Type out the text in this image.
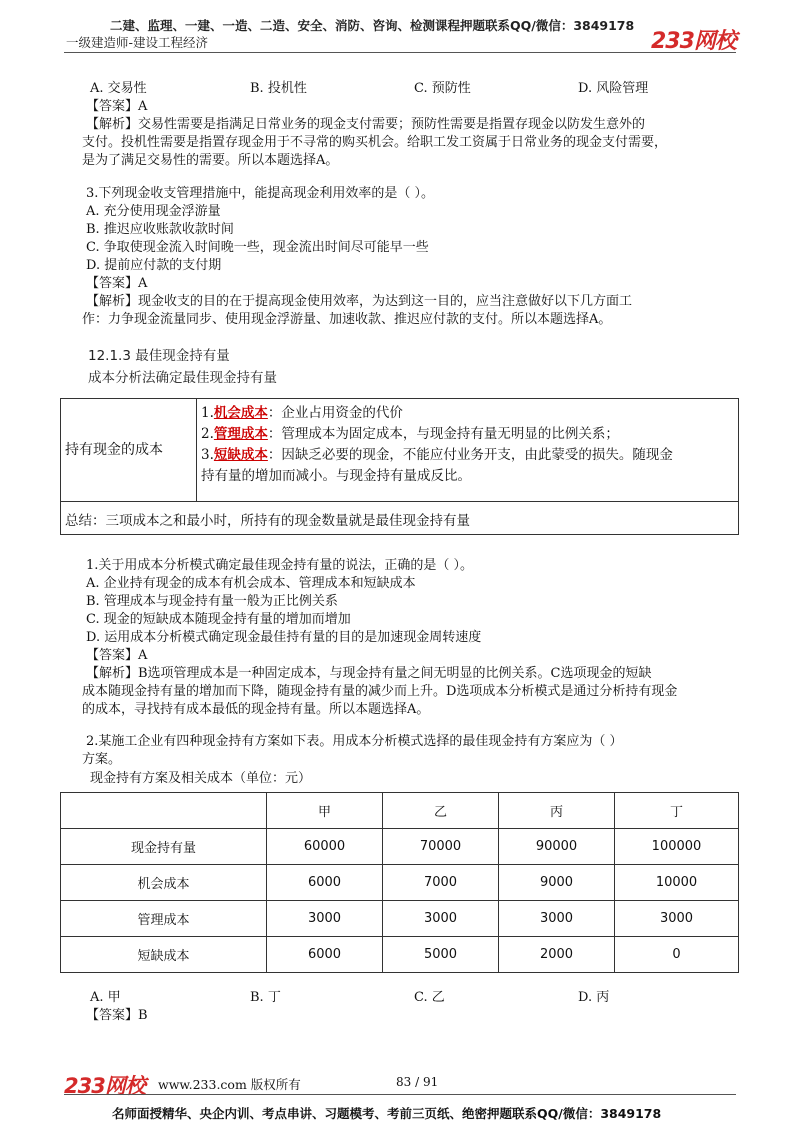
二建、监理、一建、一造、二造、安全、消防、咨询、检测课程押题联系QQ/微信：3849178
233网校
一级建造师-建设工程经济
A. 交易性	B. 投机性	C. 预防性	D. 风险管理
【答案】A
【解析】交易性需要是指满足日常业务的现金支付需要；预防性需要是指置存现金以防发生意外的
支付。投机性需要是指置存现金用于不寻常的购买机会。给职工发工资属于日常业务的现金支付需要，
是为了满足交易性的需要。所以本题选择A。
3.下列现金收支管理措施中，能提高现金利用效率的是（ ）。
A. 充分使用现金浮游量
B. 推迟应收账款收款时间
C. 争取使现金流入时间晚一些，现金流出时间尽可能早一些
D. 提前应付款的支付期
【答案】A
【解析】现金收支的目的在于提高现金使用效率，为达到这一目的，应当注意做好以下几方面工
作：力争现金流量同步、使用现金浮游量、加速收款、推迟应付款的支付。所以本题选择A。
12.1.3 最佳现金持有量
成本分析法确定最佳现金持有量
持有现金的成本
1.机会成本：企业占用资金的代价
2.管理成本：管理成本为固定成本，与现金持有量无明显的比例关系；
3.短缺成本：因缺乏必要的现金，不能应付业务开支，由此蒙受的损失。随现金
持有量的增加而减小。与现金持有量成反比。
总结：三项成本之和最小时，所持有的现金数量就是最佳现金持有量
1.关于用成本分析模式确定最佳现金持有量的说法，正确的是（ ）。
A. 企业持有现金的成本有机会成本、管理成本和短缺成本
B. 管理成本与现金持有量一般为正比例关系
C. 现金的短缺成本随现金持有量的增加而增加
D. 运用成本分析模式确定现金最佳持有量的目的是加速现金周转速度
【答案】A
【解析】B选项管理成本是一种固定成本，与现金持有量之间无明显的比例关系。C选项现金的短缺
成本随现金持有量的增加而下降，随现金持有量的减少而上升。D选项成本分析模式是通过分析持有现金
的成本，寻找持有成本最低的现金持有量。所以本题选择A。
2.某施工企业有四种现金持有方案如下表。用成本分析模式选择的最佳现金持有方案应为（ ）
方案。
现金持有方案及相关成本（单位：元）
	甲	乙	丙	丁
现金持有量	60000	70000	90000	100000
机会成本	6000	7000	9000	10000
管理成本	3000	3000	3000	3000
短缺成本	6000	5000	2000	0
A. 甲	B. 丁	C. 乙	D. 丙
【答案】B
233网校 www.233.com 版权所有	83 / 91
名师面授精华、央企内训、考点串讲、习题模考、考前三页纸、绝密押题联系QQ/微信：3849178
